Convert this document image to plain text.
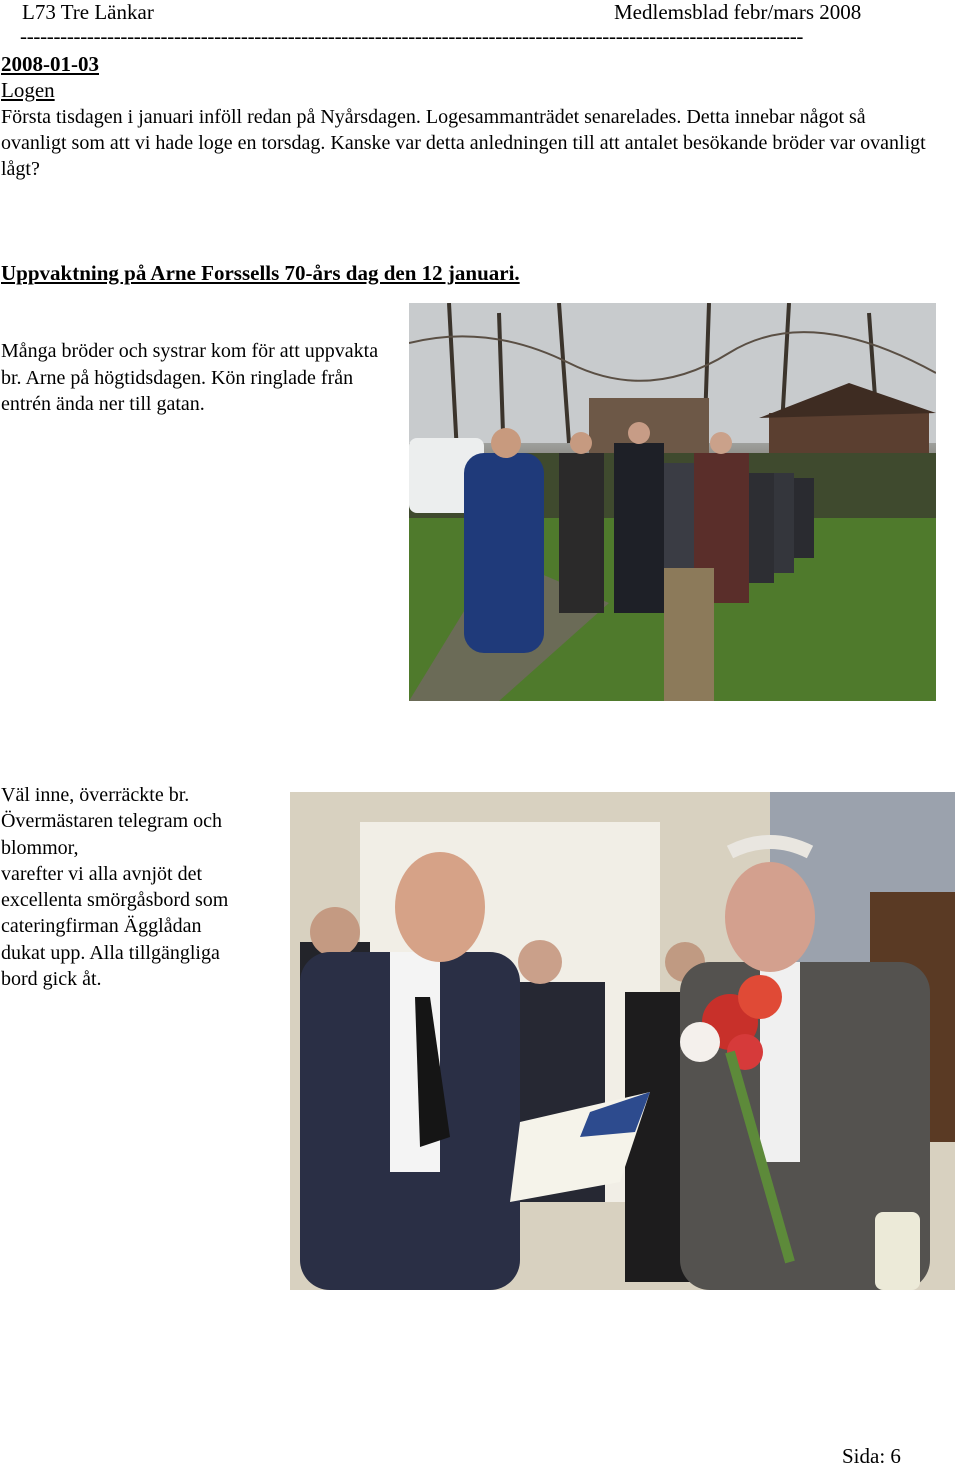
L73 Tre Länkar	Medlemsblad febr/mars 2008
---------------------------------------------------------------------------------------------------------------------
2008-01-03
Logen
Första tisdagen i januari inföll redan på Nyårsdagen. Logesammanträdet senarelades. Detta innebar något så ovanligt som att vi hade loge en torsdag. Kanske var detta anledningen till att antalet besökande bröder var ovanligt lågt?
Uppvaktning på Arne Forssells 70-års dag den 12 januari.
Många bröder och systrar kom för att uppvakta br. Arne på högtidsdagen. Kön ringlade från entrén ända ner till gatan.
Väl inne, överräckte br.
Övermästaren telegram och
blommor,
varefter vi alla avnjöt det
excellenta smörgåsbord som
cateringfirman Ägglådan
dukat upp. Alla tillgängliga
bord gick åt.
Sida: 6
